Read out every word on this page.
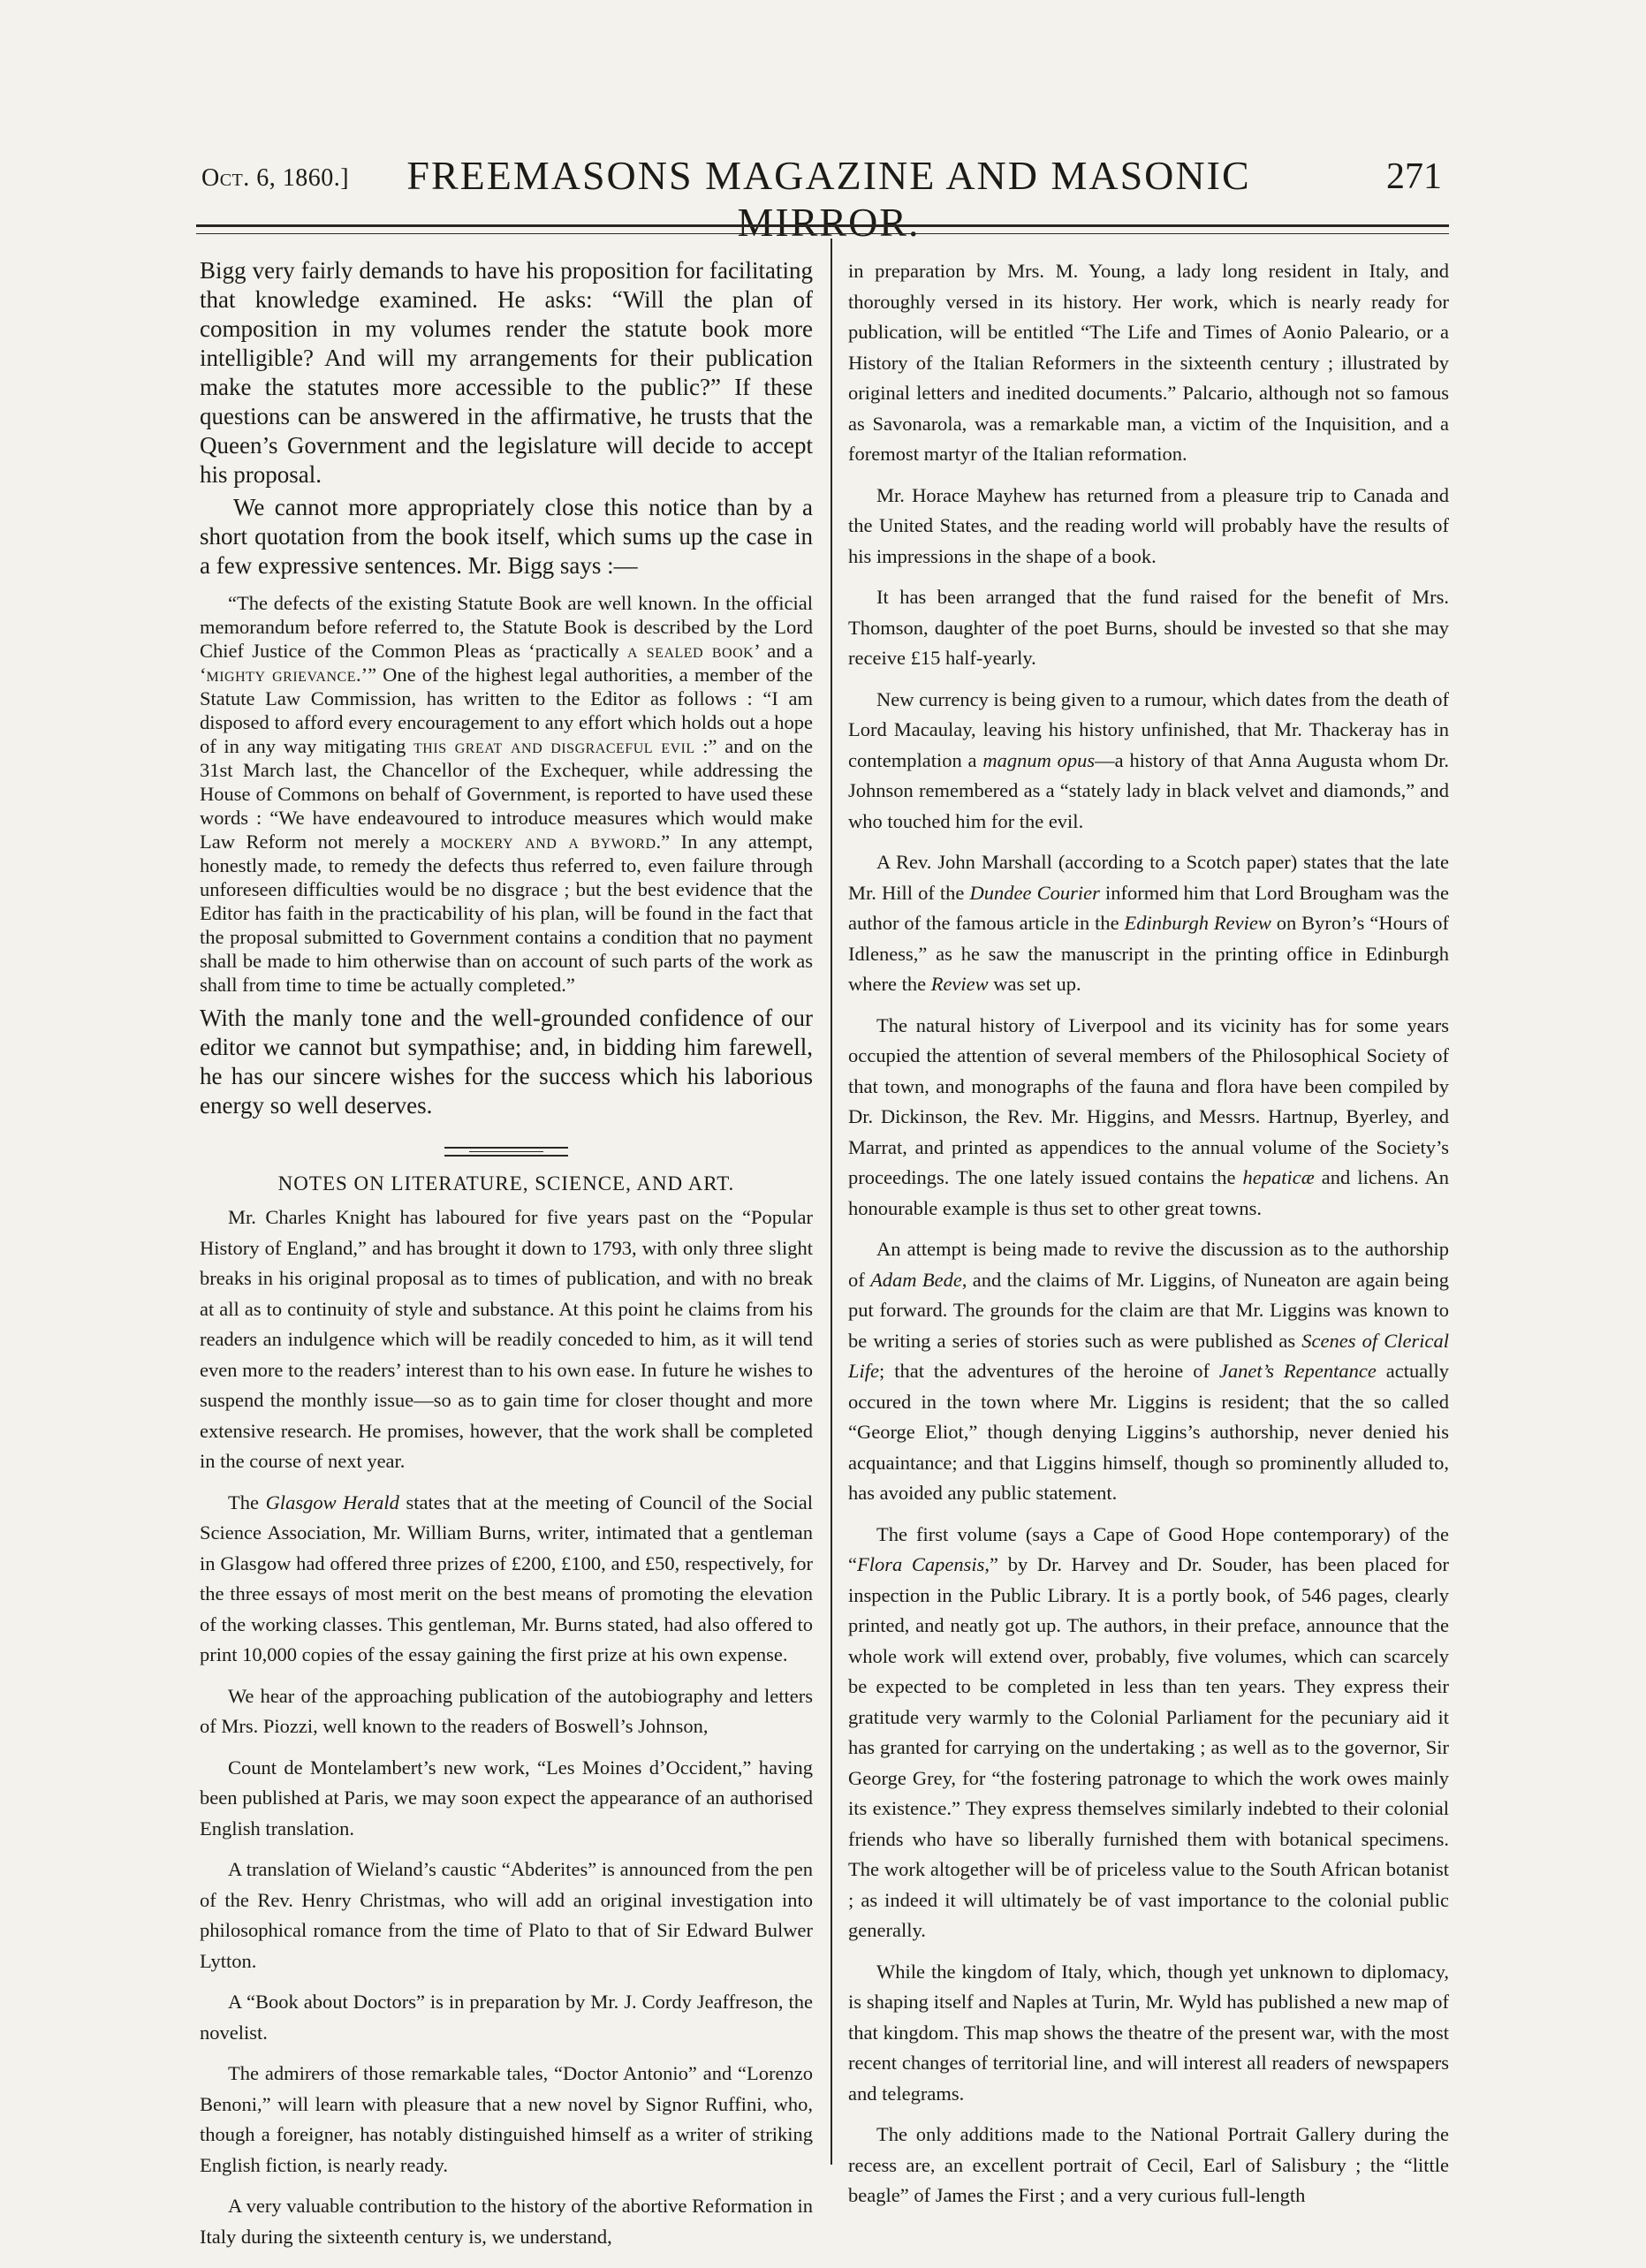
Oct. 6, 1860.]	FREEMASONS MAGAZINE AND MASONIC MIRROR.
271

Bigg very fairly demands to have his proposition for facilitating that knowledge examined. He asks: “Will the plan of composition in my volumes render the statute book more intelligible? And will my arrangements for their publication make the statutes more accessible to the public?” If these questions can be answered in the affirmative, he trusts that the Queen’s Government and the legislature will decide to accept his proposal.

We cannot more appropriately close this notice than by a short quotation from the book itself, which sums up the case in a few expressive sentences. Mr. Bigg says :—

“The defects of the existing Statute Book are well known. In the official memorandum before referred to, the Statute Book is described by the Lord Chief Justice of the Common Pleas as ‘practically a sealed book’ and a ‘mighty grievance.’” One of the highest legal authorities, a member of the Statute Law Commission, has written to the Editor as follows : “I am disposed to afford every encouragement to any effort which holds out a hope of in any way mitigating this great and disgraceful evil :” and on the 31st March last, the Chancellor of the Exchequer, while addressing the House of Commons on behalf of Government, is reported to have used these words : “We have endeavoured to introduce measures which would make Law Reform not merely a mockery and a byword.” In any attempt, honestly made, to remedy the defects thus referred to, even failure through unforeseen difficulties would be no disgrace ; but the best evidence that the Editor has faith in the practicability of his plan, will be found in the fact that the proposal submitted to Government contains a condition that no payment shall be made to him otherwise than on account of such parts of the work as shall from time to time be actually completed.”

With the manly tone and the well-grounded confidence of our editor we cannot but sympathise; and, in bidding him farewell, he has our sincere wishes for the success which his laborious energy so well deserves.

NOTES ON LITERATURE, SCIENCE, AND ART.

Mr. Charles Knight has laboured for five years past on the “Popular History of England,” and has brought it down to 1793, with only three slight breaks in his original proposal as to times of publication, and with no break at all as to continuity of style and substance. At this point he claims from his readers an indulgence which will be readily conceded to him, as it will tend even more to the readers’ interest than to his own ease. In future he wishes to suspend the monthly issue—so as to gain time for closer thought and more extensive research. He promises, however, that the work shall be completed in the course of next year.

The Glasgow Herald states that at the meeting of Council of the Social Science Association, Mr. William Burns, writer, intimated that a gentleman in Glasgow had offered three prizes of £200, £100, and £50, respectively, for the three essays of most merit on the best means of promoting the elevation of the working classes. This gentleman, Mr. Burns stated, had also offered to print 10,000 copies of the essay gaining the first prize at his own expense.

We hear of the approaching publication of the autobiography and letters of Mrs. Piozzi, well known to the readers of Boswell’s Johnson,

Count de Montelambert’s new work, “Les Moines d’Occident,” having been published at Paris, we may soon expect the appearance of an authorised English translation.

A translation of Wieland’s caustic “Abderites” is announced from the pen of the Rev. Henry Christmas, who will add an original investigation into philosophical romance from the time of Plato to that of Sir Edward Bulwer Lytton.

A “Book about Doctors” is in preparation by Mr. J. Cordy Jeaffreson, the novelist.

The admirers of those remarkable tales, “Doctor Antonio” and “Lorenzo Benoni,” will learn with pleasure that a new novel by Signor Ruffini, who, though a foreigner, has notably distinguished himself as a writer of striking English fiction, is nearly ready.

A very valuable contribution to the history of the abortive Reformation in Italy during the sixteenth century is, we understand,

in preparation by Mrs. M. Young, a lady long resident in Italy, and thoroughly versed in its history. Her work, which is nearly ready for publication, will be entitled “The Life and Times of Aonio Paleario, or a History of the Italian Reformers in the sixteenth century ; illustrated by original letters and inedited documents.” Palcario, although not so famous as Savonarola, was a remarkable man, a victim of the Inquisition, and a foremost martyr of the Italian reformation.

Mr. Horace Mayhew has returned from a pleasure trip to Canada and the United States, and the reading world will probably have the results of his impressions in the shape of a book.

It has been arranged that the fund raised for the benefit of Mrs. Thomson, daughter of the poet Burns, should be invested so that she may receive £15 half-yearly.

New currency is being given to a rumour, which dates from the death of Lord Macaulay, leaving his history unfinished, that Mr. Thackeray has in contemplation a magnum opus—a history of that Anna Augusta whom Dr. Johnson remembered as a “stately lady in black velvet and diamonds,” and who touched him for the evil.

A Rev. John Marshall (according to a Scotch paper) states that the late Mr. Hill of the Dundee Courier informed him that Lord Brougham was the author of the famous article in the Edinburgh Review on Byron’s “Hours of Idleness,” as he saw the manuscript in the printing office in Edinburgh where the Review was set up.

The natural history of Liverpool and its vicinity has for some years occupied the attention of several members of the Philosophical Society of that town, and monographs of the fauna and flora have been compiled by Dr. Dickinson, the Rev. Mr. Higgins, and Messrs. Hartnup, Byerley, and Marrat, and printed as appendices to the annual volume of the Society’s proceedings. The one lately issued contains the hepaticæ and lichens. An honourable example is thus set to other great towns.

An attempt is being made to revive the discussion as to the authorship of Adam Bede, and the claims of Mr. Liggins, of Nuneaton are again being put forward. The grounds for the claim are that Mr. Liggins was known to be writing a series of stories such as were published as Scenes of Clerical Life; that the adventures of the heroine of Janet’s Repentance actually occured in the town where Mr. Liggins is resident; that the so called “George Eliot,” though denying Liggins’s authorship, never denied his acquaintance; and that Liggins himself, though so prominently alluded to, has avoided any public statement.

The first volume (says a Cape of Good Hope contemporary) of the “Flora Capensis,” by Dr. Harvey and Dr. Souder, has been placed for inspection in the Public Library. It is a portly book, of 546 pages, clearly printed, and neatly got up. The authors, in their preface, announce that the whole work will extend over, probably, five volumes, which can scarcely be expected to be completed in less than ten years. They express their gratitude very warmly to the Colonial Parliament for the pecuniary aid it has granted for carrying on the undertaking ; as well as to the governor, Sir George Grey, for “the fostering patronage to which the work owes mainly its existence.” They express themselves similarly indebted to their colonial friends who have so liberally furnished them with botanical specimens. The work altogether will be of priceless value to the South African botanist ; as indeed it will ultimately be of vast importance to the colonial public generally.

While the kingdom of Italy, which, though yet unknown to diplomacy, is shaping itself and Naples at Turin, Mr. Wyld has published a new map of that kingdom. This map shows the theatre of the present war, with the most recent changes of territorial line, and will interest all readers of newspapers and telegrams.

The only additions made to the National Portrait Gallery during the recess are, an excellent portrait of Cecil, Earl of Salisbury ; the “little beagle” of James the First ; and a very curious full-length
